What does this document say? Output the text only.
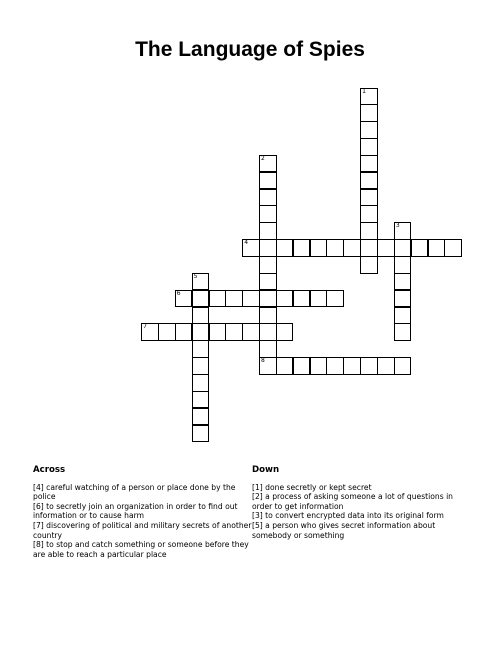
The Language of Spies
1
2
8
3
4
5
6
7
Across

[4] careful watching of a person or place done by the police

[6] to secretly join an organization in order to find out information or to cause harm

[7] discovering of political and military secrets of another country

[8] to stop and catch something or someone before they are able to reach a particular place

Down

[1] done secretly or kept secret

[2] a process of asking someone a lot of questions in order to get information

[3] to convert encrypted data into its original form

[5] a person who gives secret information about somebody or something
